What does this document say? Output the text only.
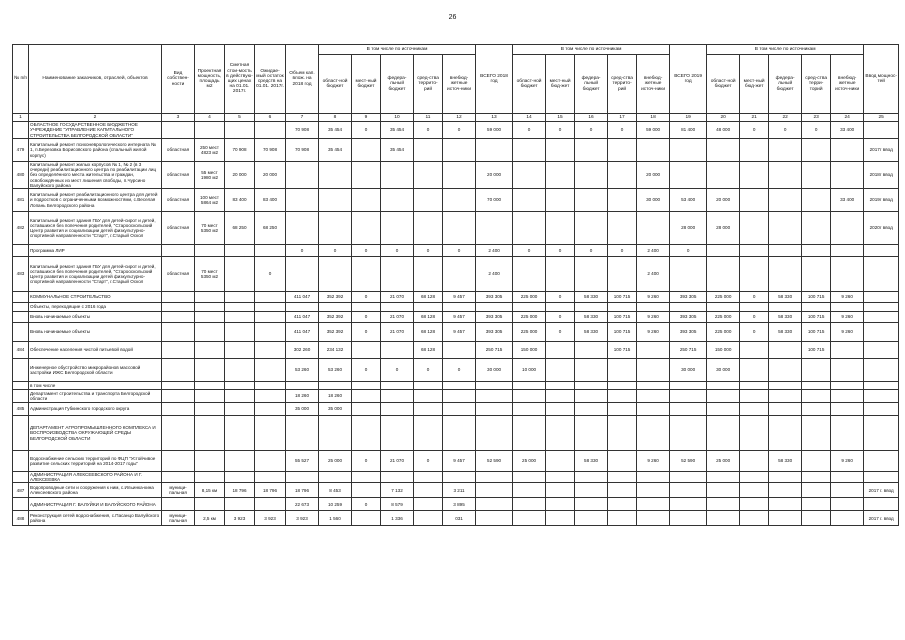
26
№ п/п	Наименование заказчиков, отраслей, объектов	Вид собствен-ности	Проектная мощность, площадь м2	Сметная стои-мость в действую-щих ценах на 01.01. 2017г.	Ожидае-мый остаток средств на 01.01. 2017г.	Объем кап. влож. на 2018 год	В том числе по источникам					ВСЕГО 2018 год	В том числе по источникам					ВСЕГО 2019 год	В том числе по источникам					Ввод мощнос-тей
							област-ной бюджет	мест-ный бюджет	федера-льный бюджет	сред-ства террито-рий	внебюд-жетные источ-ники		област-ной бюджет	мест-ный бюд-жет	федера-льный бюджет	сред-ства террито-рий	внебюд-жетные источ-ники		област-ной бюджет	мест-ный бюд-жет	федера-льный бюджет	сред-ства терри-торий	внебюд-жетные источ-ники	
1	2	3	4	5	6	7	8	9	10	11	12	13	14	15	16	17	18	19	20	21	22	23	24	25
	ОБЛАСТНОЕ ГОСУДАРСТВЕННОЕ БЮДЖЕТНОЕ УЧРЕЖДЕНИЕ "УПРАВЛЕНИЕ КАПИТАЛЬНОГО СТРОИТЕЛЬСТВА БЕЛГОРОДСКОЙ ОБЛАСТИ"					70 908	35 454	0	35 454	0	0	59 000	0	0	0	0	59 000	81 400	48 000	0	0	0	33 400	
479	Капитальный ремонт психоневрологического интерната № 1, п.Березовка Борисовского района (спальный жилой корпус)	областная	250 мест 4823 м2	70 908	70 908	70 908	35 454		35 454															2017г ввод
480	Капитальный ремонт жилых корпусов № 1, № 2 (в 3 очереди) реабилитационного центра по реабилитации лиц без определённого места жительства и граждан, освобождённых из мест лишения свободы, п.Чурсино Валуйского района	областная	55 мест 1980 м2	20 000	20 000							20 000					20 000							2018г ввод
481	Капитальный ремонт реабилитационного центра для детей и подростков с ограниченными возможностями, с.Веселая Лопань Белгородского района	областная	100 мест 5864 м2	83 400	83 400							70 000					30 000	53 400	20 000				33 400	2019г ввод
482	Капитальный ремонт здания ГБУ для детей-сирот и детей, оставшихся без попечения родителей, "Старооскольский Центр развития и социализации детей физкультурно-спортивной направленности "Старт", г.Старый Оскол	областная	70 мест 5350 м2	68 250	68 250													28 000	28 000					2020г ввод
	Программа ЛИР					0	0	0	0	0	0	2 400	0	0	0	0	2 400	0						
483	Капитальный ремонт здания ГБУ для детей-сирот и детей, оставшихся без попечения родителей, "Старооскольский Центр развития и социализации детей физкультурно-спортивной направленности "Старт", г.Старый Оскол	областная	70 мест 5350 м2		0							2 400					2 400							
	КОММУНАЛЬНОЕ СТРОИТЕЛЬСТВО					411 047	352 392	0	21 070	68 128	9 457	393 305	225 000	0	58 330	100 715	9 260	393 305	225 000	0	58 330	100 715	9 260	
	Объекты, переходящие с 2016 года																							
	Вновь начинаемые объекты					411 047	352 392	0	21 070	68 128	9 457	393 305	225 000	0	58 330	100 715	9 260	393 305	225 000	0	58 330	100 715	9 260	
	Вновь начинаемые объекты					411 047	352 392	0	21 070	68 128	9 457	393 305	225 000	0	58 330	100 715	9 260	393 305	225 000	0	58 330	100 715	9 260	
484	Обеспечение населения чистой питьевой водой					302 260	234 132			68 128		250 715	150 000			100 715		250 715	150 000			100 715		
	Инженерное обустройство микрорайонов массовой застройки ИЖС Белгородской области					53 260	53 260	0	0	0	0	30 000	10 000					30 000	30 000					
	в том числе																							
	Департамент строительства и транспорта Белгородской области					18 260	18 260																	
485	Администрация Губкинского городского округа					35 000	35 000																	
	ДЕПАРТАМЕНТ АГРОПРОМЫШЛЕННОГО КОМПЛЕКСА И ВОСПРОИЗВОДСТВА ОКРУЖАЮЩЕЙ СРЕДЫ БЕЛГОРОДСКОЙ ОБЛАСТИ																							
	Водоснабжение сельских территорий по ФЦП "Устойчивое развитие сельских территорий на 2014-2017 годы"					55 527	25 000	0	21 070	0	9 457	52 590	25 000		58 330		9 260	52 590	25 000		58 330		9 260	
	АДМИНИСТРАЦИЯ АЛЕКСЕЕВСКОГО РАЙОНА И Г. АЛЕКСЕЕВКА																							
487	Водопроводные сети и сооружения к ним, с.Ильинка-кина Алексеевского района	муници-пальная	8,15 км	18 796	18 796	18 796	8 453		7 132		3 211													2017 г. ввод
	АДМИНИСТРАЦИЯ Г. ВАЛУЙКИ И ВАЛУЙСКОГО РАЙОНА					22 673	10 259	0	8 579		3 895													
488	Реконструкция сетей водоснабжения, с.Пасанцо Валуйского района	муници-пальная	2,5 км	3 923	3 923	3 923	1 560		1 336		031													2017 г. ввод
